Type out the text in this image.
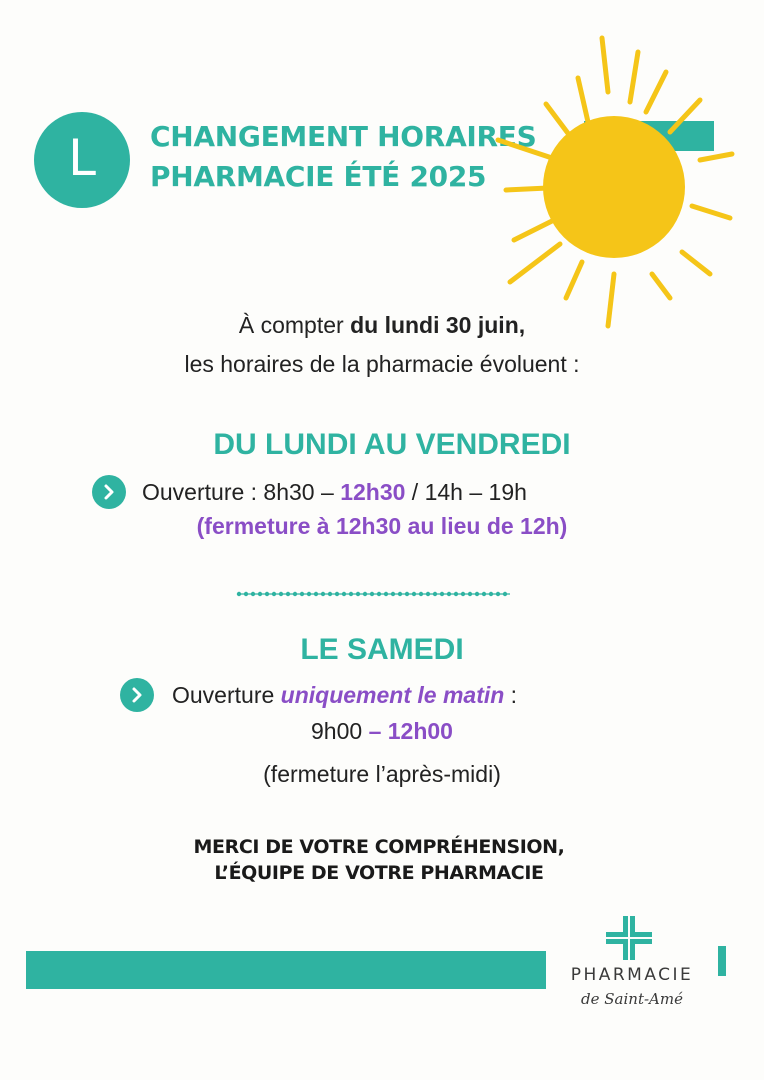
L CHANGEMENT HORAIRES
PHARMACIE ÉTÉ 2025
À compter du lundi 30 juin,
les horaires de la pharmacie évoluent :
DU LUNDI AU VENDREDI
Ouverture : 8h30 – 12h30 / 14h – 19h
(fermeture à 12h30 au lieu de 12h)
LE SAMEDI
Ouverture uniquement le matin :
9h00 – 12h00
(fermeture l’après-midi)
MERCI DE VOTRE COMPRÉHENSION,
L’ÉQUIPE DE VOTRE PHARMACIE
PHARMACIE
de Saint-Amé
